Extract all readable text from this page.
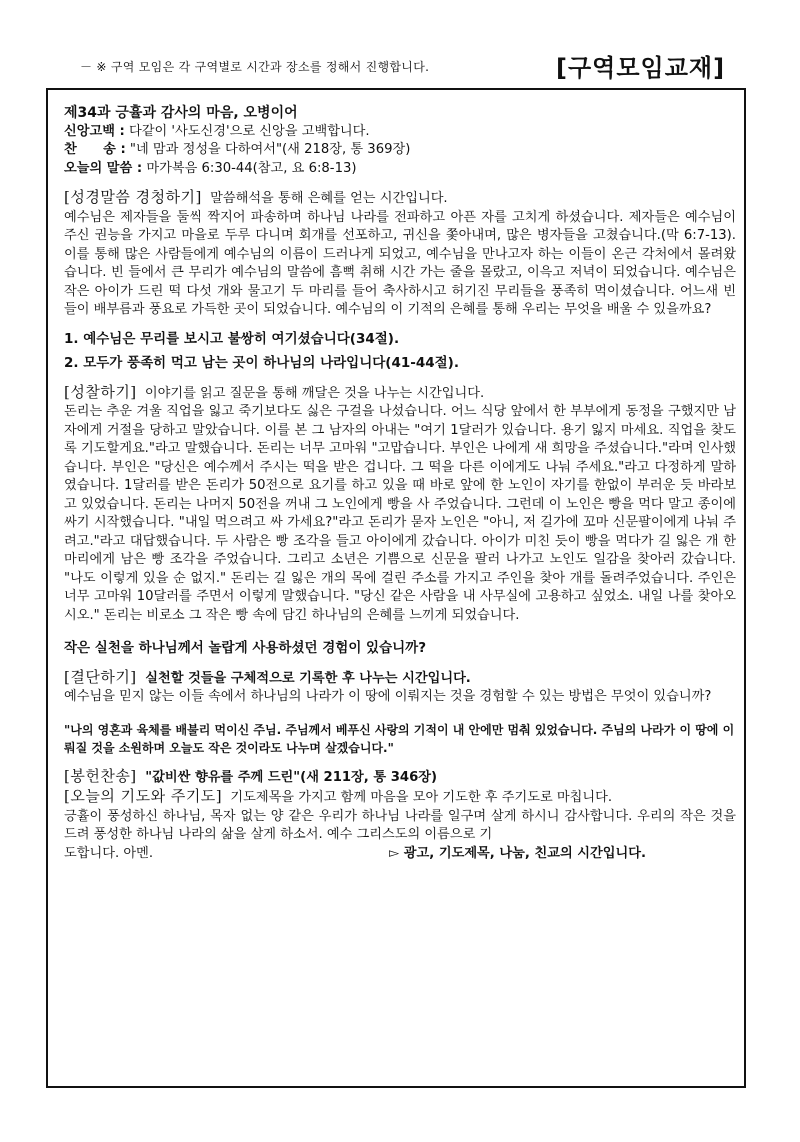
－ ※ 구역 모임은 각 구역별로 시간과 장소를 정해서 진행합니다.	[구역모임교재]
제34과 긍휼과 감사의 마음, 오병이어
신앙고백 : 다같이 '사도신경'으로 신앙을 고백합니다.
찬　　송 : "네 맘과 정성을 다하여서"(새 218장, 통 369장)
오늘의 말씀 : 마가복음 6:30-44(참고, 요 6:8-13)
[성경말씀 경청하기] 말씀해석을 통해 은혜를 얻는 시간입니다.
예수님은 제자들을 둘씩 짝지어 파송하며 하나님 나라를 전파하고 아픈 자를 고치게 하셨습니다. 제자들은 예수님이 주신 권능을 가지고 마을로 두루 다니며 회개를 선포하고, 귀신을 쫓아내며, 많은 병자들을 고쳤습니다.(막 6:7-13). 이를 통해 많은 사람들에게 예수님의 이름이 드러나게 되었고, 예수님을 만나고자 하는 이들이 온근 각처에서 몰려왔습니다. 빈 들에서 큰 무리가 예수님의 말씀에 흠뻑 취해 시간 가는 줄을 몰랐고, 이윽고 저녁이 되었습니다. 예수님은 작은 아이가 드린 떡 다섯 개와 물고기 두 마리를 들어 축사하시고 허기진 무리들을 풍족히 먹이셨습니다. 어느새 빈 들이 배부름과 풍요로 가득한 곳이 되었습니다. 예수님의 이 기적의 은혜를 통해 우리는 무엇을 배울 수 있을까요?
1. 예수님은 무리를 보시고 불쌍히 여기셨습니다(34절).
2. 모두가 풍족히 먹고 남는 곳이 하나님의 나라입니다(41-44절).
[성찰하기] 이야기를 읽고 질문을 통해 깨달은 것을 나누는 시간입니다.
돈리는 추운 겨울 직업을 잃고 죽기보다도 싫은 구걸을 나섰습니다. 어느 식당 앞에서 한 부부에게 동정을 구했지만 남자에게 거절을 당하고 말았습니다. 이를 본 그 남자의 아내는 "여기 1달러가 있습니다. 용기 잃지 마세요. 직업을 찾도록 기도할게요."라고 말했습니다. 돈리는 너무 고마워 "고맙습니다. 부인은 나에게 새 희망을 주셨습니다."라며 인사했습니다. 부인은 "당신은 예수께서 주시는 떡을 받은 겁니다. 그 떡을 다른 이에게도 나눠 주세요."라고 다정하게 말하였습니다. 1달러를 받은 돈리가 50전으로 요기를 하고 있을 때 바로 앞에 한 노인이 자기를 한없이 부러운 듯 바라보고 있었습니다. 돈리는 나머지 50전을 꺼내 그 노인에게 빵을 사 주었습니다. 그런데 이 노인은 빵을 먹다 말고 종이에 싸기 시작했습니다. "내일 먹으려고 싸 가세요?"라고 돈리가 묻자 노인은 "아니, 저 길가에 꼬마 신문팔이에게 나눠 주려고."라고 대답했습니다. 두 사람은 빵 조각을 들고 아이에게 갔습니다. 아이가 미친 듯이 빵을 먹다가 길 잃은 개 한 마리에게 남은 빵 조각을 주었습니다. 그리고 소년은 기쁨으로 신문을 팔러 나가고 노인도 일감을 찾아러 갔습니다. "나도 이렇게 있을 순 없지." 돈리는 길 잃은 개의 목에 걸린 주소를 가지고 주인을 찾아 개를 돌려주었습니다. 주인은 너무 고마워 10달러를 주면서 이렇게 말했습니다. "당신 같은 사람을 내 사무실에 고용하고 싶었소. 내일 나를 찾아오시오." 돈리는 비로소 그 작은 빵 속에 담긴 하나님의 은혜를 느끼게 되었습니다.
작은 실천을 하나님께서 놀랍게 사용하셨던 경험이 있습니까?
[결단하기] 실천할 것들을 구체적으로 기록한 후 나누는 시간입니다.
예수님을 믿지 않는 이들 속에서 하나님의 나라가 이 땅에 이뤄지는 것을 경험할 수 있는 방법은 무엇이 있습니까?
"나의 영혼과 육체를 배불리 먹이신 주님. 주님께서 베푸신 사랑의 기적이 내 안에만 멈춰 있었습니다. 주님의 나라가 이 땅에 이뤄질 것을 소원하며 오늘도 작은 것이라도 나누며 살겠습니다."
[봉헌찬송] "값비싼 향유를 주께 드린"(새 211장, 통 346장)
[오늘의 기도와 주기도] 기도제목을 가지고 함께 마음을 모아 기도한 후 주기도로 마칩니다.
긍휼이 풍성하신 하나님, 목자 없는 양 같은 우리가 하나님 나라를 일구며 살게 하시니 감사합니다. 우리의 작은 것을 드려 풍성한 하나님 나라의 삶을 살게 하소서. 예수 그리스도의 이름으로 기
도합니다. 아멘.	▻ 광고, 기도제목, 나눔, 친교의 시간입니다.
